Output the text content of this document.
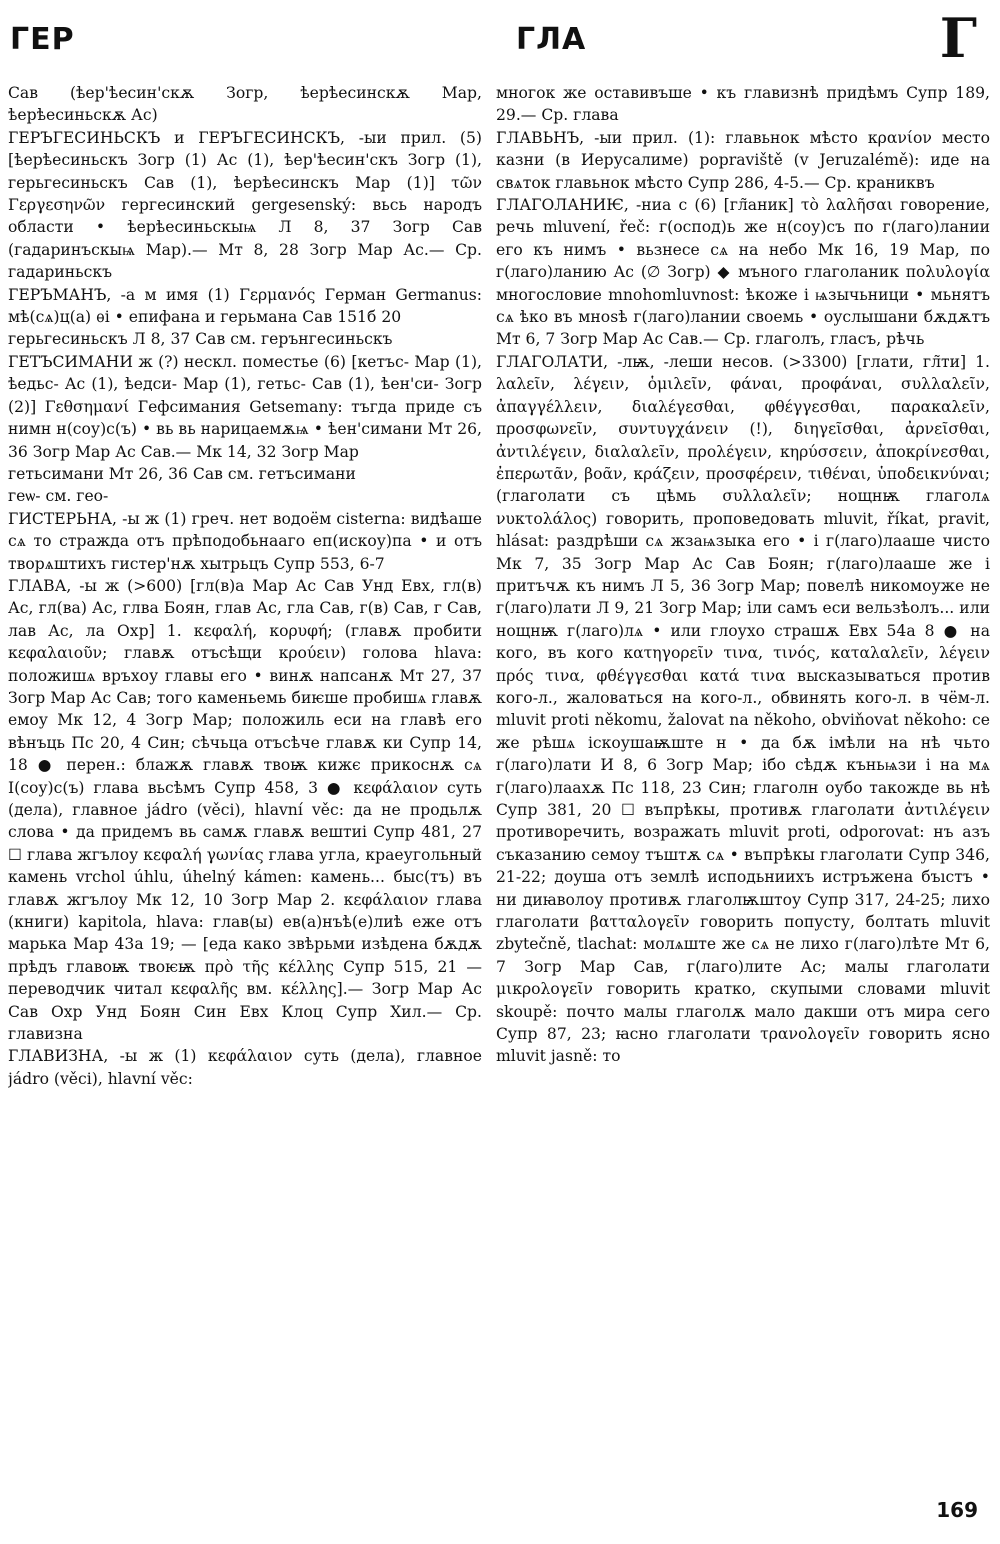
ГЕР	ГЛА	Г

Сав (ѣер'ѣесин'скѫ Зогр, ѣерѣесинскѫ Мар, ѣерѣесиньскѫ Ас)

ГЕРЪГЕСИНЬСКЪ и ГЕРЪГЕСИНСКЪ, -ыи прил. (5) [ѣерѣесиньскъ Зогр (1) Ас (1), ѣер'ѣесин'скъ Зогр (1), герьгесиньскъ Сав (1), ѣерѣесинскъ Мар (1)] τῶν Γεργεσηνῶν гергесинский gergesenský: вьсь народъ области • ѣерѣесиньскыѩ Л 8, 37 Зогр Сав (гадаринъскыѩ Мар).— Мт 8, 28 Зогр Мар Ас.— Ср. гадариньскъ

ГЕРЪМАНЪ, -а м имя (1) Γερμανός Герман Germanus: мѣ(сѧ)ц(а) ѳі • епифана и герьмана Сав 151б 20

герьгесиньскъ Л 8, 37 Сав см. герънгесиньскъ

ГЕТЪСИМАНИ ж (?) нескл. поместье (6) [кетъс- Мар (1), ѣедьс- Ас (1), ѣедси- Мар (1), гетьс- Сав (1), ѣен'си- Зогр (2)] Γεθσημανί Гефсимания Getsemany: тъгда приде съ нимн н(соу)с(ъ) • вь вь нарицаемѫѩ • ѣен'симани Мт 26, 36 Зогр Мар Ас Сав.— Мк 14, 32 Зогр Мар

гетьсимани Мт 26, 36 Сав см. гетъсимани

геѡ- см. гео-

ГИСТЕРЬНА, -ы ж (1) греч. нет водоём cisterna: видѣаше сѧ то стражда отъ прѣподобьнааго еп(искоу)па • и отъ творѧштихъ гистер'нѫ хытрьцъ Супр 553, 6-7

ГЛАВА, -ы ж (>600) [гл(в)а Мар Ас Сав Унд Евх, гл(в) Ас, гл(ва) Ас, глва Боян, глав Ас, гла Сав, г(в) Сав, г Сав, лав Ас, ла Охр] 1. κεφαλή, κορυφή; (главѫ пробити κεφαλαιοῦν; главѫ отъсѣщи κρούειν) голова hlava: положишѧ връхоу главы его • винѫ напсанѫ Мт 27, 37 Зогр Мар Ас Сав; того каменьемь биѥше пробишѧ главѫ емоу Мк 12, 4 Зогр Мар; положиль еси на главѣ его вѣнъць Пс 20, 4 Син; сѣчьца отъсѣче главѫ ки Супр 14, 18 ● перен.: блажѫ главѫ твоѭ кижє прикоснѫ сѧ І(соу)с(ъ) глава вьсѣмъ Супр 458, 3 ● κεφάλαιον суть (дела), главное jádro (věci), hlavní věc: да не продьлѫ слова • да придемъ вь самѫ главѫ вештиі Супр 481, 27 ☐ глава жгълоу κεφαλή γωνίας глава угла, краеугольный камень vrchol úhlu, úhelný kámen: камень... быс(тъ) въ главѫ жгълоу Мк 12, 10 Зогр Мар 2. κεφάλαιον глава (книги) kapitola, hlava: глав(ы) ев(а)нъѣ(е)лиѣ еже отъ марька Мар 43а 19; — [еда како звѣрьми изѣдена бѫдѫ прѣдъ главоѭ твоѥѭ πρὸ τῆς κέλλης Супр 515, 21 — переводчик читал κεφαλῆς вм. κέλλης].— Зогр Мар Ас Сав Охр Унд Боян Син Евх Клоц Супр Хил.— Ср. главизна

ГЛАВИЗНА, -ы ж (1) κεφάλαιον суть (дела), главное jádro (věci), hlavní věc:

многок же оставивъше • къ главизнѣ придѣмъ Супр 189, 29.— Ср. глава

ГЛАВЬНЪ, -ыи прил. (1): главьнок мѣсто κρανίον место казни (в Иерусалиме) popraviště (v Jeruzalémě): иде на свѧток главьнок мѣсто Супр 286, 4-5.— Ср. краниквъ

ГЛАГОЛАНИѤ, -ниа с (6) [гл̃аник] τὸ λαλῆσαι говорение, речь mluvení, řeč: г(оспод)ь же н(соу)съ по г(лаго)лании его къ нимъ • вьзнесе сѧ на небо Мк 16, 19 Мар, по г(лаго)ланию Ас (∅ Зогр) ◆ мъного глаголаник πολυλογία многословие mnohomluvnost: ѣкоже і ѩзычьници • мьнятъ сѧ ѣко въ мноѕѣ г(лаго)лании своемь • оуслышани бѫдѫтъ Мт 6, 7 Зогр Мар Ас Сав.— Ср. глаголъ, гласъ, рѣчь

ГЛАГОЛАТИ, -лѭ, -леши несов. (>3300) [глати, гл̃ти] 1. λαλεῖν, λέγειν, ὁμιλεῖν, φάναι, προφάναι, συλλαλεῖν, ἀπαγγέλλειν, διαλέγεσθαι, φθέγγεσθαι, παρακαλεῖν, προσφωνεῖν, συντυγχάνειν (!), διηγεῖσθαι, ἀρνεῖσθαι, ἀντιλέγειν, διαλαλεῖν, προλέγειν, κηρύσσειν, ἀποκρίνεσθαι, ἐπερωτᾶν, βοᾶν, κράζειν, προσφέρειν, τιθέναι, ὑποδεικνύναι; (глаголати съ цѣмь συλλαλεῖν; нощнѭ глаголѧ νυκτολάλος) говорить, проповедовать mluvit, říkat, pravit, hlásat: раздрѣши сѧ жзаѩзыка его • і г(лаго)лааше чисто Мк 7, 35 Зогр Мар Ас Сав Боян; г(лаго)лааше же і притъчѫ къ нимъ Л 5, 36 Зогр Мар; повелѣ никомоуже не г(лаго)лати Л 9, 21 Зогр Мар; іли самъ еси вельзѣолъ... или нощнѭ г(лаго)лѧ • или глоухо страшѫ Евх 54а 8 ● на кого, въ кого κατηγορεῖν τινα, τινός, καταλαλεῖν, λέγειν πρός τινα, φθέγγεσθαι κατά τινα высказываться против кого-л., жаловаться на кого-л., обвинять кого-л. в чём-л. mluvit proti někomu, žalovat na někoho, obviňovat někoho: се же рѣшѧ іскоушаѭште н • да бѫ імѣли на нѣ чьто г(лаго)лати И 8, 6 Зогр Мар; ібо сѣдѫ къньѩзи і на мѧ г(лаго)лаахѫ Пс 118, 23 Син; глаголн оубо такожде вь нѣ Супр 381, 20 ☐ въпрѣкы, противѫ глаголати ἀντιλέγειν противоречить, возражать mluvit proti, odporovat: нъ азъ съказанию семоу тъштѫ сѧ • въпрѣкы глаголати Супр 346, 21-22; доуша отъ землѣ исподьниихъ истръжена бъıстъ • ни диꙗволоу противѫ глаголѭштоу Супр 317, 24-25; лихо глаголати βατταλογεῖν говорить попусту, болтать mluvit zbytečně, tlachat: молѧште же сѧ не лихо г(лаго)лѣте Мт 6, 7 Зогр Мар Сав, г(лаго)лите Ас; малы глаголати μικρολογεῖν говорить кратко, скупыми словами mluvit skoupě: почто малы глаголѫ мало дакши отъ мира сего Супр 87, 23; ꙗсно глаголати τρανολογεῖν говорить ясно mluvit jasně: то

169
